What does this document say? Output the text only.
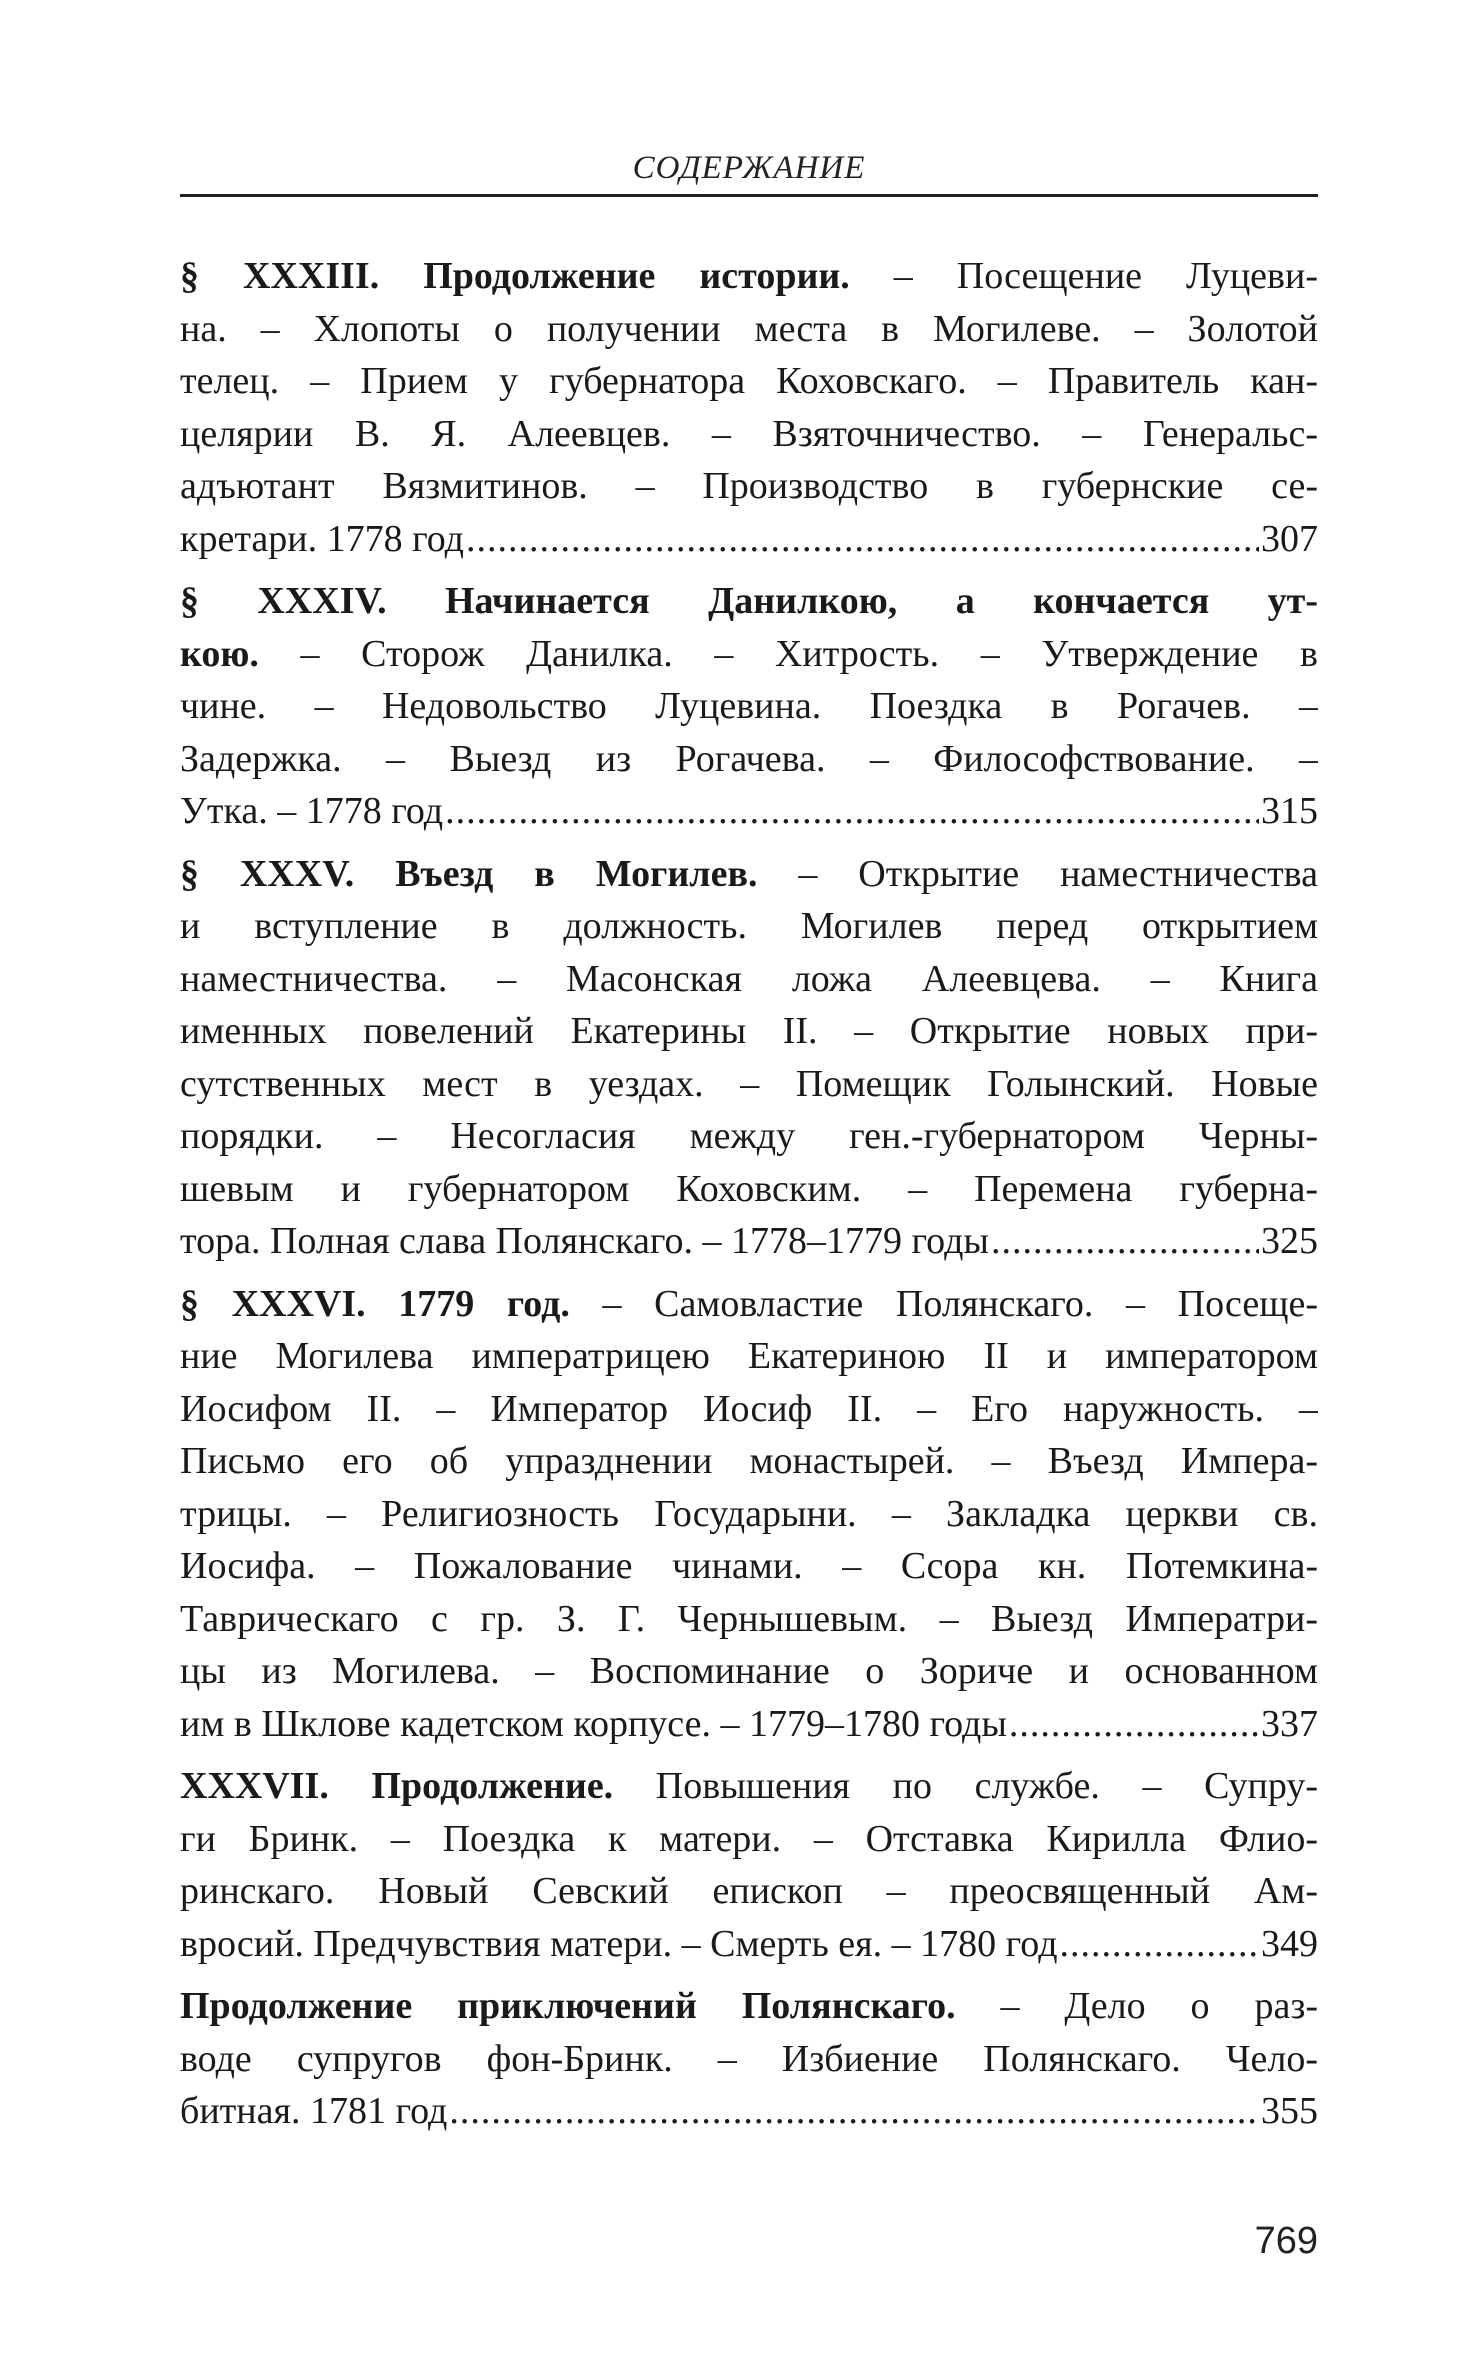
СОДЕРЖАНИЕ
§ XXXIII. Продолжение истории. – Посещение Луцеви-
на. – Хлопоты о получении места в Могилеве. – Золотой
телец. – Прием у губернатора Коховскаго. – Правитель кан-
целярии В. Я. Алеевцев. – Взяточничество. – Генеральс-
адъютант Вязмитинов. – Производство в губернские се-
кретари. 1778 год .....	307
§ XXXIV. Начинается Данилкою, а кончается ут-
кою. – Сторож Данилка. – Хитрость. – Утверждение в
чине. – Недовольство Луцевина. Поездка в Рогачев. –
Задержка. – Выезд из Рогачева. – Философствование. –
Утка. – 1778 год .....	315
§ XXXV. Въезд в Могилев. – Открытие наместничества
и вступление в должность. Могилев перед открытием
наместничества. – Масонская ложа Алеевцева. – Книга
именных повелений Екатерины II. – Открытие новых при-
сутственных мест в уездах. – Помещик Голынский. Новые
порядки. – Несогласия между ген.-губернатором Черны-
шевым и губернатором Коховским. – Перемена губерна-
тора. Полная слава Полянскаго. – 1778–1779 годы .....	325
§ XXXVI. 1779 год. – Самовластие Полянскаго. – Посеще-
ние Могилева императрицею Екатериною II и императором
Иосифом II. – Император Иосиф II. – Его наружность. –
Письмо его об упразднении монастырей. – Въезд Импера-
трицы. – Религиозность Государыни. – Закладка церкви св.
Иосифа. – Пожалование чинами. – Ссора кн. Потемкина-
Таврическаго с гр. З. Г. Чернышевым. – Выезд Императри-
цы из Могилева. – Воспоминание о Зориче и основанном
им в Шклове кадетском корпусе. – 1779–1780 годы .....	337
XXXVII. Продолжение. Повышения по службе. – Супру-
ги Бринк. – Поездка к матери. – Отставка Кирилла Флио-
ринскаго. Новый Севский епископ – преосвященный Ам-
вросий. Предчувствия матери. – Смерть ея. – 1780 год .....	349
Продолжение приключений Полянскаго. – Дело о раз-
воде супругов фон-Бринк. – Избиение Полянскаго. Чело-
битная. 1781 год .....	355
769
